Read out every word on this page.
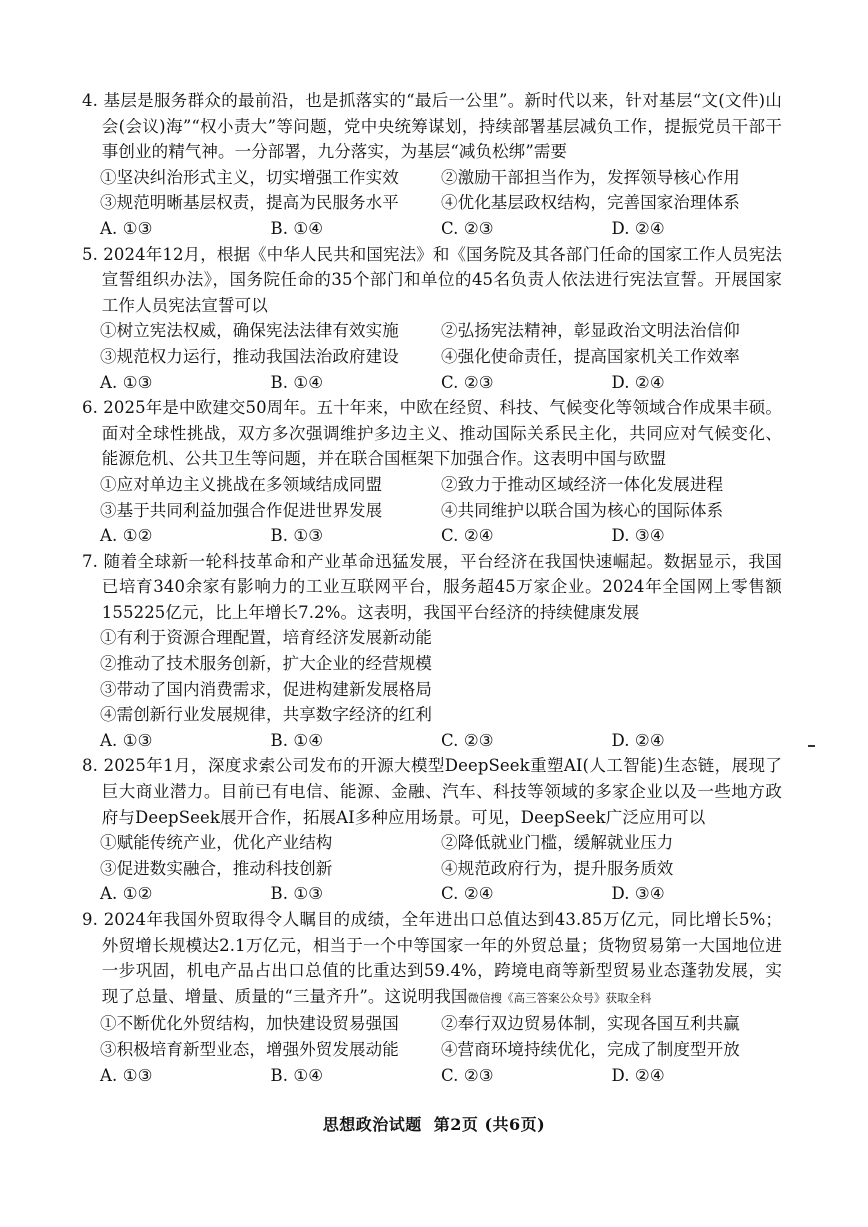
4. 基层是服务群众的最前沿，也是抓落实的“最后一公里”。新时代以来，针对基层“文(文件)山会(会议)海”“权小责大”等问题，党中央统筹谋划，持续部署基层减负工作，提振党员干部干事创业的精气神。一分部署，九分落实，为基层“减负松绑”需要

①坚决纠治形式主义，切实增强工作实效	②激励干部担当作为，发挥领导核心作用
③规范明晰基层权责，提高为民服务水平	④优化基层政权结构，完善国家治理体系
A. ①③	B. ①④	C. ②③	D. ②④

5. 2024年12月，根据《中华人民共和国宪法》和《国务院及其各部门任命的国家工作人员宪法宣誓组织办法》，国务院任命的35个部门和单位的45名负责人依法进行宪法宣誓。开展国家工作人员宪法宣誓可以

①树立宪法权威，确保宪法法律有效实施	②弘扬宪法精神，彰显政治文明法治信仰
③规范权力运行，推动我国法治政府建设	④强化使命责任，提高国家机关工作效率
A. ①③	B. ①④	C. ②③	D. ②④

6. 2025年是中欧建交50周年。五十年来，中欧在经贸、科技、气候变化等领域合作成果丰硕。面对全球性挑战，双方多次强调维护多边主义、推动国际关系民主化，共同应对气候变化、能源危机、公共卫生等问题，并在联合国框架下加强合作。这表明中国与欧盟

①应对单边主义挑战在多领域结成同盟	②致力于推动区域经济一体化发展进程
③基于共同利益加强合作促进世界发展	④共同维护以联合国为核心的国际体系
A. ①②	B. ①③	C. ②④	D. ③④

7. 随着全球新一轮科技革命和产业革命迅猛发展，平台经济在我国快速崛起。数据显示，我国已培育340余家有影响力的工业互联网平台，服务超45万家企业。2024年全国网上零售额155225亿元，比上年增长7.2%。这表明，我国平台经济的持续健康发展

①有利于资源合理配置，培育经济发展新动能
②推动了技术服务创新，扩大企业的经营规模
③带动了国内消费需求，促进构建新发展格局
④需创新行业发展规律，共享数字经济的红利
A. ①③	B. ①④	C. ②③	D. ②④

8. 2025年1月，深度求索公司发布的开源大模型DeepSeek重塑AI(人工智能)生态链，展现了巨大商业潜力。目前已有电信、能源、金融、汽车、科技等领域的多家企业以及一些地方政府与DeepSeek展开合作，拓展AI多种应用场景。可见，DeepSeek广泛应用可以

①赋能传统产业，优化产业结构	②降低就业门槛，缓解就业压力
③促进数实融合，推动科技创新	④规范政府行为，提升服务质效
A. ①②	B. ①③	C. ②④	D. ③④

9. 2024年我国外贸取得令人瞩目的成绩，全年进出口总值达到43.85万亿元，同比增长5%；外贸增长规模达2.1万亿元，相当于一个中等国家一年的外贸总量；货物贸易第一大国地位进一步巩固，机电产品占出口总值的比重达到59.4%，跨境电商等新型贸易业态蓬勃发展，实现了总量、增量、质量的“三量齐升”。这说明我国微信搜《高三答案公众号》获取全科

①不断优化外贸结构，加快建设贸易强国	②奉行双边贸易体制，实现各国互利共赢
③积极培育新型业态，增强外贸发展动能	④营商环境持续优化，完成了制度型开放
A. ①③	B. ①④	C. ②③	D. ②④
思想政治试题 第2页 (共6页)
